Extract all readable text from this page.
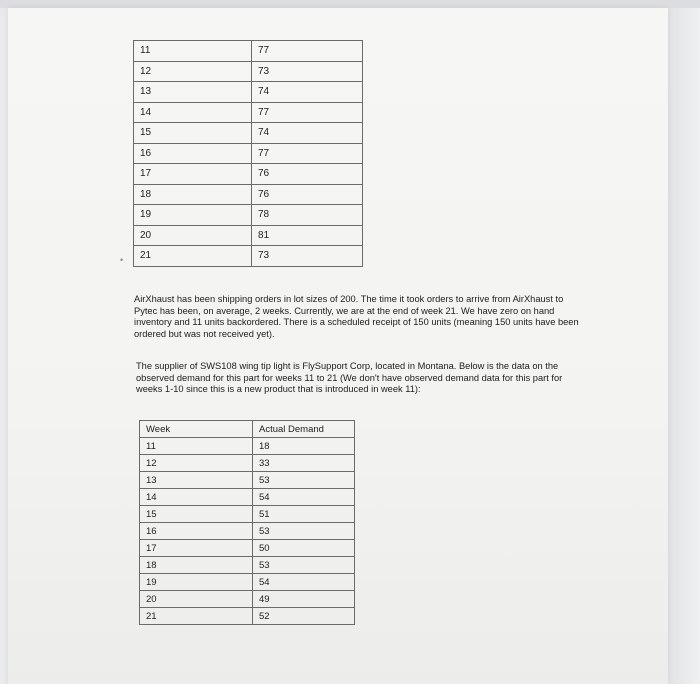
11	77
12	73
13	74
14	77
15	74
16	77
17	76
18	76
19	78
20	81
21	73

AirXhaust has been shipping orders in lot sizes of 200. The time it took orders to arrive from AirXhaust to Pytec has been, on average, 2 weeks. Currently, we are at the end of week 21. We have zero on hand inventory and 11 units backordered. There is a scheduled receipt of 150 units (meaning 150 units have been ordered but was not received yet).

The supplier of SWS108 wing tip light is FlySupport Corp, located in Montana. Below is the data on the observed demand for this part for weeks 11 to 21 (We don't have observed demand data for this part for weeks 1-10 since this is a new product that is introduced in week 11):

Week	Actual Demand
11	18
12	33
13	53
14	54
15	51
16	53
17	50
18	53
19	54
20	49
21	52
•
